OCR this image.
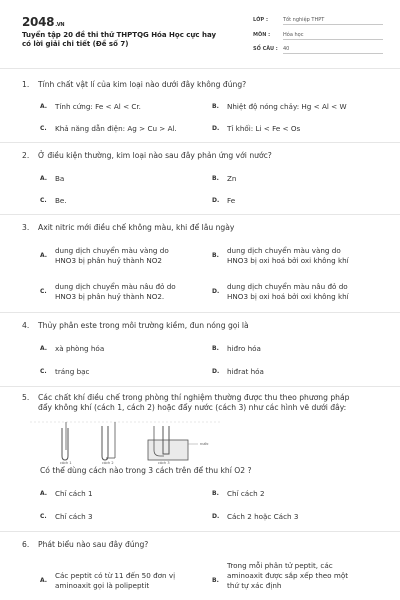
2048.VN
Tuyển tập 20 đề thi thử THPTQG Hóa Học cực hay có lời giải chi tiết (Đề số 7)
LỚP :	Tốt nghiệp THPT
MÔN :	Hóa học
SỐ CÂU : 40
1. Tính chất vật lí của kim loại nào dưới đây không đúng?
A. Tính cứng: Fe < Al < Cr.	B. Nhiệt độ nóng chảy: Hg < Al < W
C. Khả năng dẫn điện: Ag > Cu > Al.	D. Tỉ khối: Li < Fe < Os
2. Ở điều kiện thường, kim loại nào sau đây phản ứng với nước?
A. Ba	B. Zn
C. Be.	D. Fe
3. Axit nitric mới điều chế không màu, khi để lâu ngày
A.
dung dịch chuyển màu vàng do
HNO3 bị phân huỷ thành NO2
B.
dung dịch chuyển màu vàng do
HNO3 bị oxi hoá bởi oxi không khí
C.
dung dịch chuyển màu nâu đỏ do
HNO3 bị phân huỷ thành NO2.
D.
dung dịch chuyển màu nâu đỏ do
HNO3 bị oxi hoá bởi oxi không khí
4. Thủy phân este trong môi trường kiềm, đun nóng gọi là
A. xà phòng hóa	B. hiđro hóa
C. tráng bạc	D. hiđrat hóa
5. Các chất khí điều chế trong phòng thí nghiệm thường được thu theo phương pháp
đẩy không khí (cách 1, cách 2) hoặc đẩy nước (cách 3) như các hình vẽ dưới đây:
cách 1	cách 2	cách 3
nước
Có thể dùng cách nào trong 3 cách trên để thu khí O2 ?
A. Chỉ cách 1	B. Chỉ cách 2
C. Chỉ cách 3	D. Cách 2 hoặc Cách 3
6. Phát biểu nào sau đây đúng?
A.
Các peptit có từ 11 đến 50 đơn vị
aminoaxit gọi là polipeptit
B.
Trong mỗi phân tử peptit, các
aminoaxit được sắp xếp theo một
thứ tự xác định
